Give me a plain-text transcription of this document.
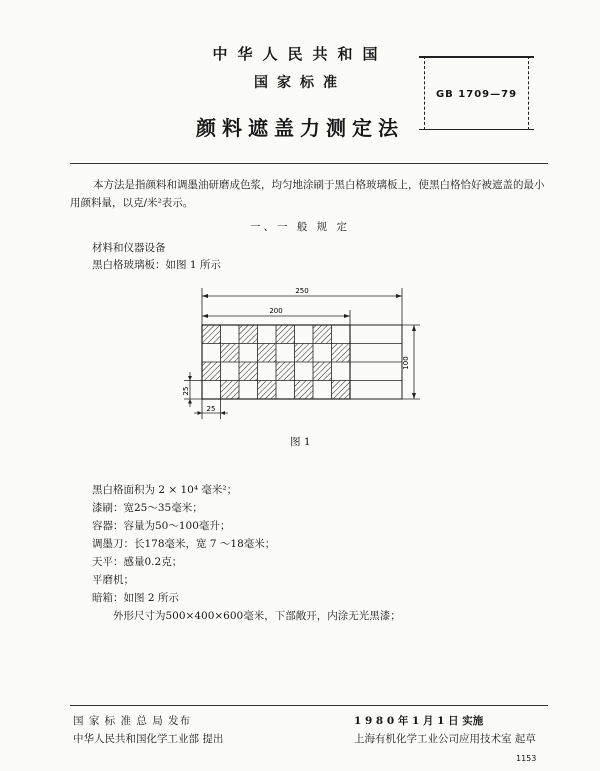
中华人民共和国
国家标准
颜料遮盖力测定法
GB 1709—79
本方法是指颜料和调墨油研磨成色浆，均匀地涂刷于黑白格玻璃板上，使黑白格恰好被遮盖的最小用颜料量，以克/米²表示。
一、一 般 规 定
材料和仪器设备
黑白格玻璃板：如图 1 所示
250
200
100
25
25
图 1
黑白格面积为 2 × 10⁴ 毫米²；
漆刷：宽25～35毫米；
容器：容量为50～100毫升；
调墨刀：长178毫米，宽 7 ～18毫米；
天平：感量0.2克；
平磨机；
暗箱：如图 2 所示
外形尺寸为500×400×600毫米，下部敞开，内涂无光黑漆；
国 家 标 准 总 局 发布
中华人民共和国化学工业部 提出
1 9 8 0 年 1 月 1 日 实施
上海有机化学工业公司应用技术室 起草
1153
